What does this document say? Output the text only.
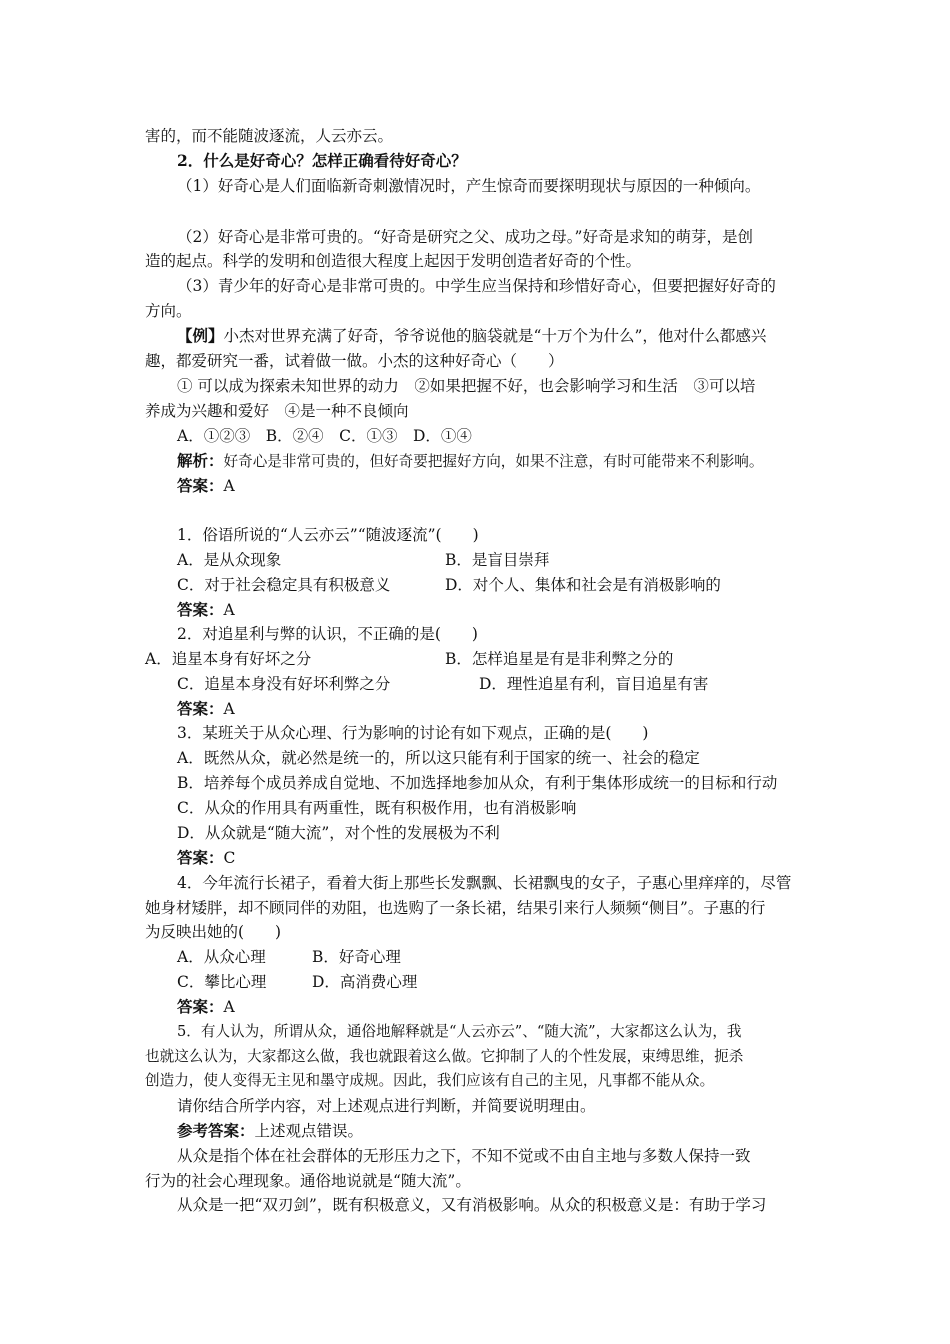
害的，而不能随波逐流，人云亦云。
2．什么是好奇心？怎样正确看待好奇心？
（1）好奇心是人们面临新奇刺激情况时，产生惊奇而要探明现状与原因的一种倾向。
（2）好奇心是非常可贵的。“好奇是研究之父、成功之母。”好奇是求知的萌芽，是创
造的起点。科学的发明和创造很大程度上起因于发明创造者好奇的个性。
（3）青少年的好奇心是非常可贵的。中学生应当保持和珍惜好奇心，但要把握好好奇的
方向。
【例】小杰对世界充满了好奇，爷爷说他的脑袋就是“十万个为什么”，他对什么都感兴
趣，都爱研究一番，试着做一做。小杰的这种好奇心（　　）
① 可以成为探索未知世界的动力　②如果把握不好，也会影响学习和生活　③可以培
养成为兴趣和爱好　④是一种不良倾向
A．①②③　B．②④　C．①③　D．①④
解析：好奇心是非常可贵的，但好奇要把握好方向，如果不注意，有时可能带来不利影响。
答案：A
1．俗语所说的“人云亦云”“随波逐流”(　　)
A．是从众现象	B．是盲目崇拜
C．对于社会稳定具有积极意义	D．对个人、集体和社会是有消极影响的
答案：A
2．对追星利与弊的认识，不正确的是(　　)
A．追星本身有好坏之分	B．怎样追星是有是非利弊之分的
C．追星本身没有好坏利弊之分	D．理性追星有利，盲目追星有害
答案：A
3．某班关于从众心理、行为影响的讨论有如下观点，正确的是(　　)
A．既然从众，就必然是统一的，所以这只能有利于国家的统一、社会的稳定
B．培养每个成员养成自觉地、不加选择地参加从众，有利于集体形成统一的目标和行动
C．从众的作用具有两重性，既有积极作用，也有消极影响
D．从众就是“随大流”，对个性的发展极为不利
答案：C
4．今年流行长裙子，看着大街上那些长发飘飘、长裙飘曳的女子，子惠心里痒痒的，尽管
她身材矮胖，却不顾同伴的劝阻，也选购了一条长裙，结果引来行人频频“侧目”。子惠的行
为反映出她的(　　)
A．从众心理	B．好奇心理
C．攀比心理	D．高消费心理
答案：A
5．有人认为，所谓从众，通俗地解释就是“人云亦云”、“随大流”，大家都这么认为，我
也就这么认为，大家都这么做，我也就跟着这么做。它抑制了人的个性发展，束缚思维，扼杀
创造力，使人变得无主见和墨守成规。因此，我们应该有自己的主见，凡事都不能从众。
请你结合所学内容，对上述观点进行判断，并简要说明理由。
参考答案：上述观点错误。
从众是指个体在社会群体的无形压力之下，不知不觉或不由自主地与多数人保持一致
行为的社会心理现象。通俗地说就是“随大流”。
从众是一把“双刃剑”，既有积极意义，又有消极影响。从众的积极意义是：有助于学习
